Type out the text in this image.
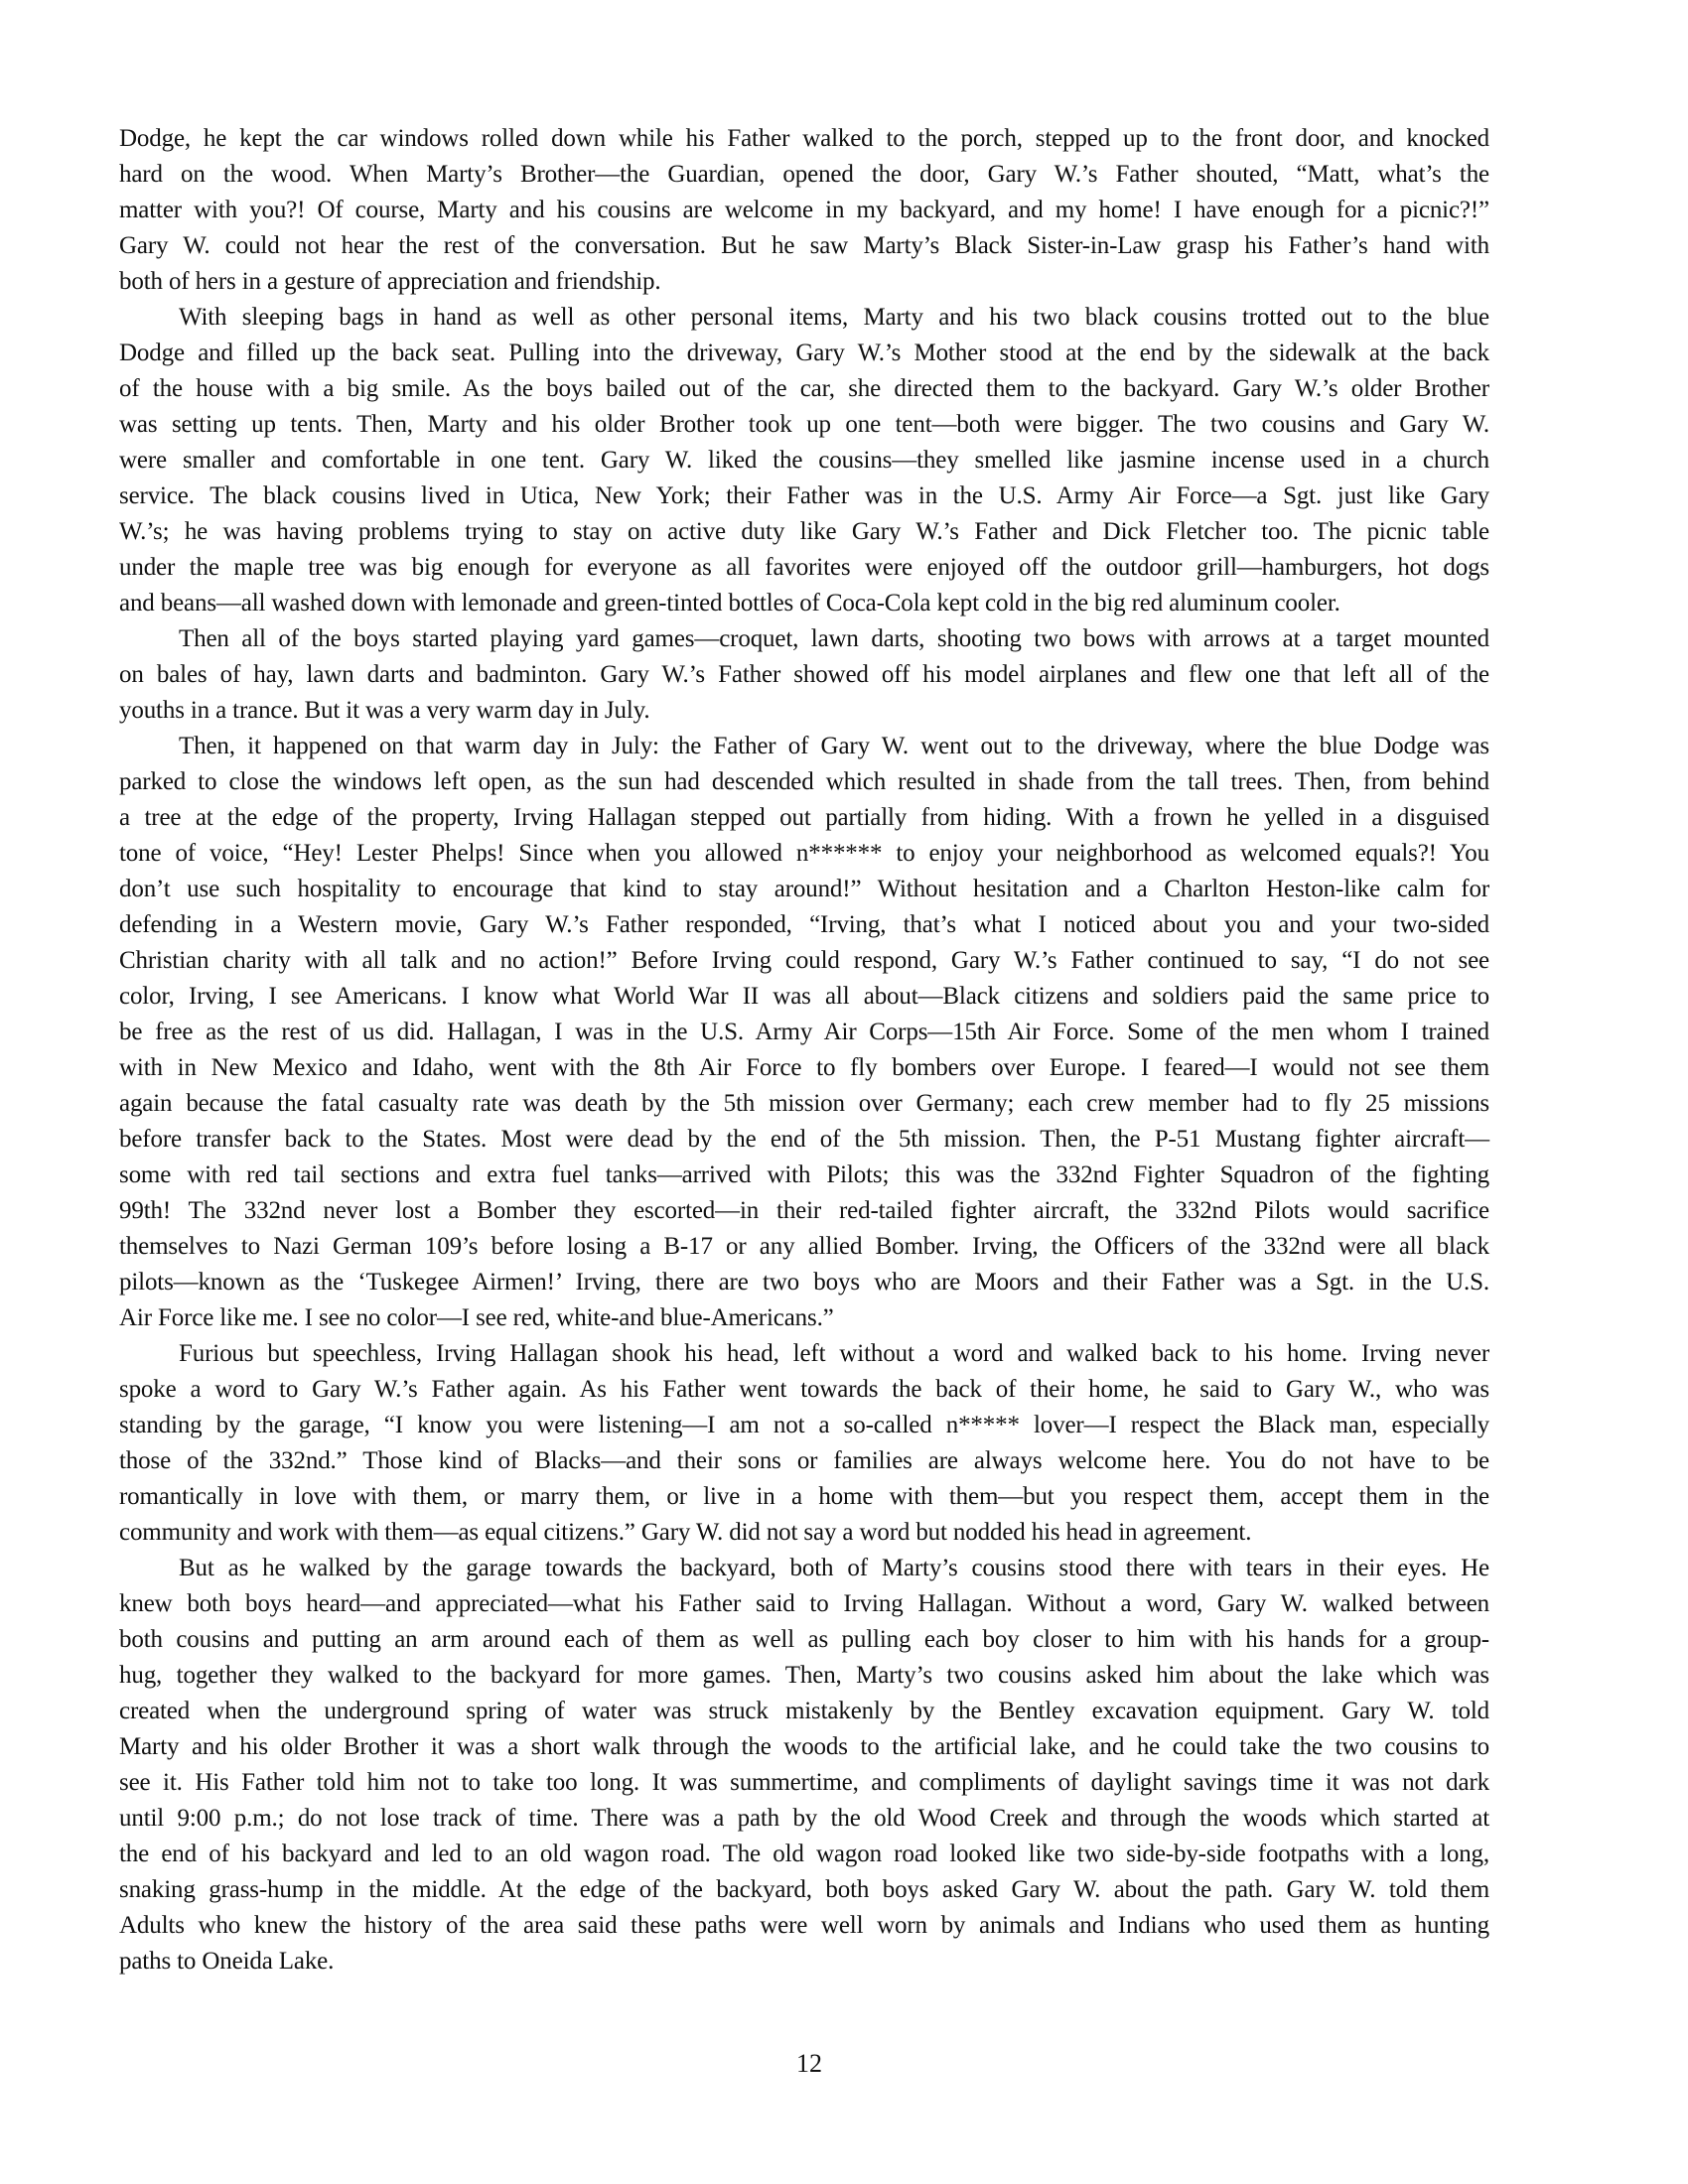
Dodge, he kept the car windows rolled down while his Father walked to the porch, stepped up to the front door, and knocked
hard on the wood. When Marty’s Brother—the Guardian, opened the door, Gary W.’s Father shouted, “Matt, what’s the
matter with you?! Of course, Marty and his cousins are welcome in my backyard, and my home! I have enough for a picnic?!”
Gary W. could not hear the rest of the conversation. But he saw Marty’s Black Sister-in-Law grasp his Father’s hand with
both of hers in a gesture of appreciation and friendship.
With sleeping bags in hand as well as other personal items, Marty and his two black cousins trotted out to the blue
Dodge and filled up the back seat. Pulling into the driveway, Gary W.’s Mother stood at the end by the sidewalk at the back
of the house with a big smile. As the boys bailed out of the car, she directed them to the backyard. Gary W.’s older Brother
was setting up tents. Then, Marty and his older Brother took up one tent—both were bigger. The two cousins and Gary W.
were smaller and comfortable in one tent. Gary W. liked the cousins—they smelled like jasmine incense used in a church
service. The black cousins lived in Utica, New York; their Father was in the U.S. Army Air Force—a Sgt. just like Gary
W.’s; he was having problems trying to stay on active duty like Gary W.’s Father and Dick Fletcher too. The picnic table
under the maple tree was big enough for everyone as all favorites were enjoyed off the outdoor grill—hamburgers, hot dogs
and beans—all washed down with lemonade and green-tinted bottles of Coca-Cola kept cold in the big red aluminum cooler.
Then all of the boys started playing yard games—croquet, lawn darts, shooting two bows with arrows at a target mounted
on bales of hay, lawn darts and badminton. Gary W.’s Father showed off his model airplanes and flew one that left all of the
youths in a trance. But it was a very warm day in July.
Then, it happened on that warm day in July: the Father of Gary W. went out to the driveway, where the blue Dodge was
parked to close the windows left open, as the sun had descended which resulted in shade from the tall trees. Then, from behind
a tree at the edge of the property, Irving Hallagan stepped out partially from hiding. With a frown he yelled in a disguised
tone of voice, “Hey! Lester Phelps! Since when you allowed n****** to enjoy your neighborhood as welcomed equals?! You
don’t use such hospitality to encourage that kind to stay around!” Without hesitation and a Charlton Heston-like calm for
defending in a Western movie, Gary W.’s Father responded, “Irving, that’s what I noticed about you and your two-sided
Christian charity with all talk and no action!” Before Irving could respond, Gary W.’s Father continued to say, “I do not see
color, Irving, I see Americans. I know what World War II was all about—Black citizens and soldiers paid the same price to
be free as the rest of us did. Hallagan, I was in the U.S. Army Air Corps—15th Air Force. Some of the men whom I trained
with in New Mexico and Idaho, went with the 8th Air Force to fly bombers over Europe. I feared—I would not see them
again because the fatal casualty rate was death by the 5th mission over Germany; each crew member had to fly 25 missions
before transfer back to the States. Most were dead by the end of the 5th mission. Then, the P-51 Mustang fighter aircraft—
some with red tail sections and extra fuel tanks—arrived with Pilots; this was the 332nd Fighter Squadron of the fighting
99th! The 332nd never lost a Bomber they escorted—in their red-tailed fighter aircraft, the 332nd Pilots would sacrifice
themselves to Nazi German 109’s before losing a B-17 or any allied Bomber. Irving, the Officers of the 332nd were all black
pilots—known as the ‘Tuskegee Airmen!’ Irving, there are two boys who are Moors and their Father was a Sgt. in the U.S.
Air Force like me. I see no color—I see red, white-and blue-Americans.”
Furious but speechless, Irving Hallagan shook his head, left without a word and walked back to his home. Irving never
spoke a word to Gary W.’s Father again. As his Father went towards the back of their home, he said to Gary W., who was
standing by the garage, “I know you were listening—I am not a so-called n***** lover—I respect the Black man, especially
those of the 332nd.” Those kind of Blacks—and their sons or families are always welcome here. You do not have to be
romantically in love with them, or marry them, or live in a home with them—but you respect them, accept them in the
community and work with them—as equal citizens.” Gary W. did not say a word but nodded his head in agreement.
But as he walked by the garage towards the backyard, both of Marty’s cousins stood there with tears in their eyes. He
knew both boys heard—and appreciated—what his Father said to Irving Hallagan. Without a word, Gary W. walked between
both cousins and putting an arm around each of them as well as pulling each boy closer to him with his hands for a group-
hug, together they walked to the backyard for more games. Then, Marty’s two cousins asked him about the lake which was
created when the underground spring of water was struck mistakenly by the Bentley excavation equipment. Gary W. told
Marty and his older Brother it was a short walk through the woods to the artificial lake, and he could take the two cousins to
see it. His Father told him not to take too long. It was summertime, and compliments of daylight savings time it was not dark
until 9:00 p.m.; do not lose track of time. There was a path by the old Wood Creek and through the woods which started at
the end of his backyard and led to an old wagon road. The old wagon road looked like two side-by-side footpaths with a long,
snaking grass-hump in the middle. At the edge of the backyard, both boys asked Gary W. about the path. Gary W. told them
Adults who knew the history of the area said these paths were well worn by animals and Indians who used them as hunting
paths to Oneida Lake.
12
